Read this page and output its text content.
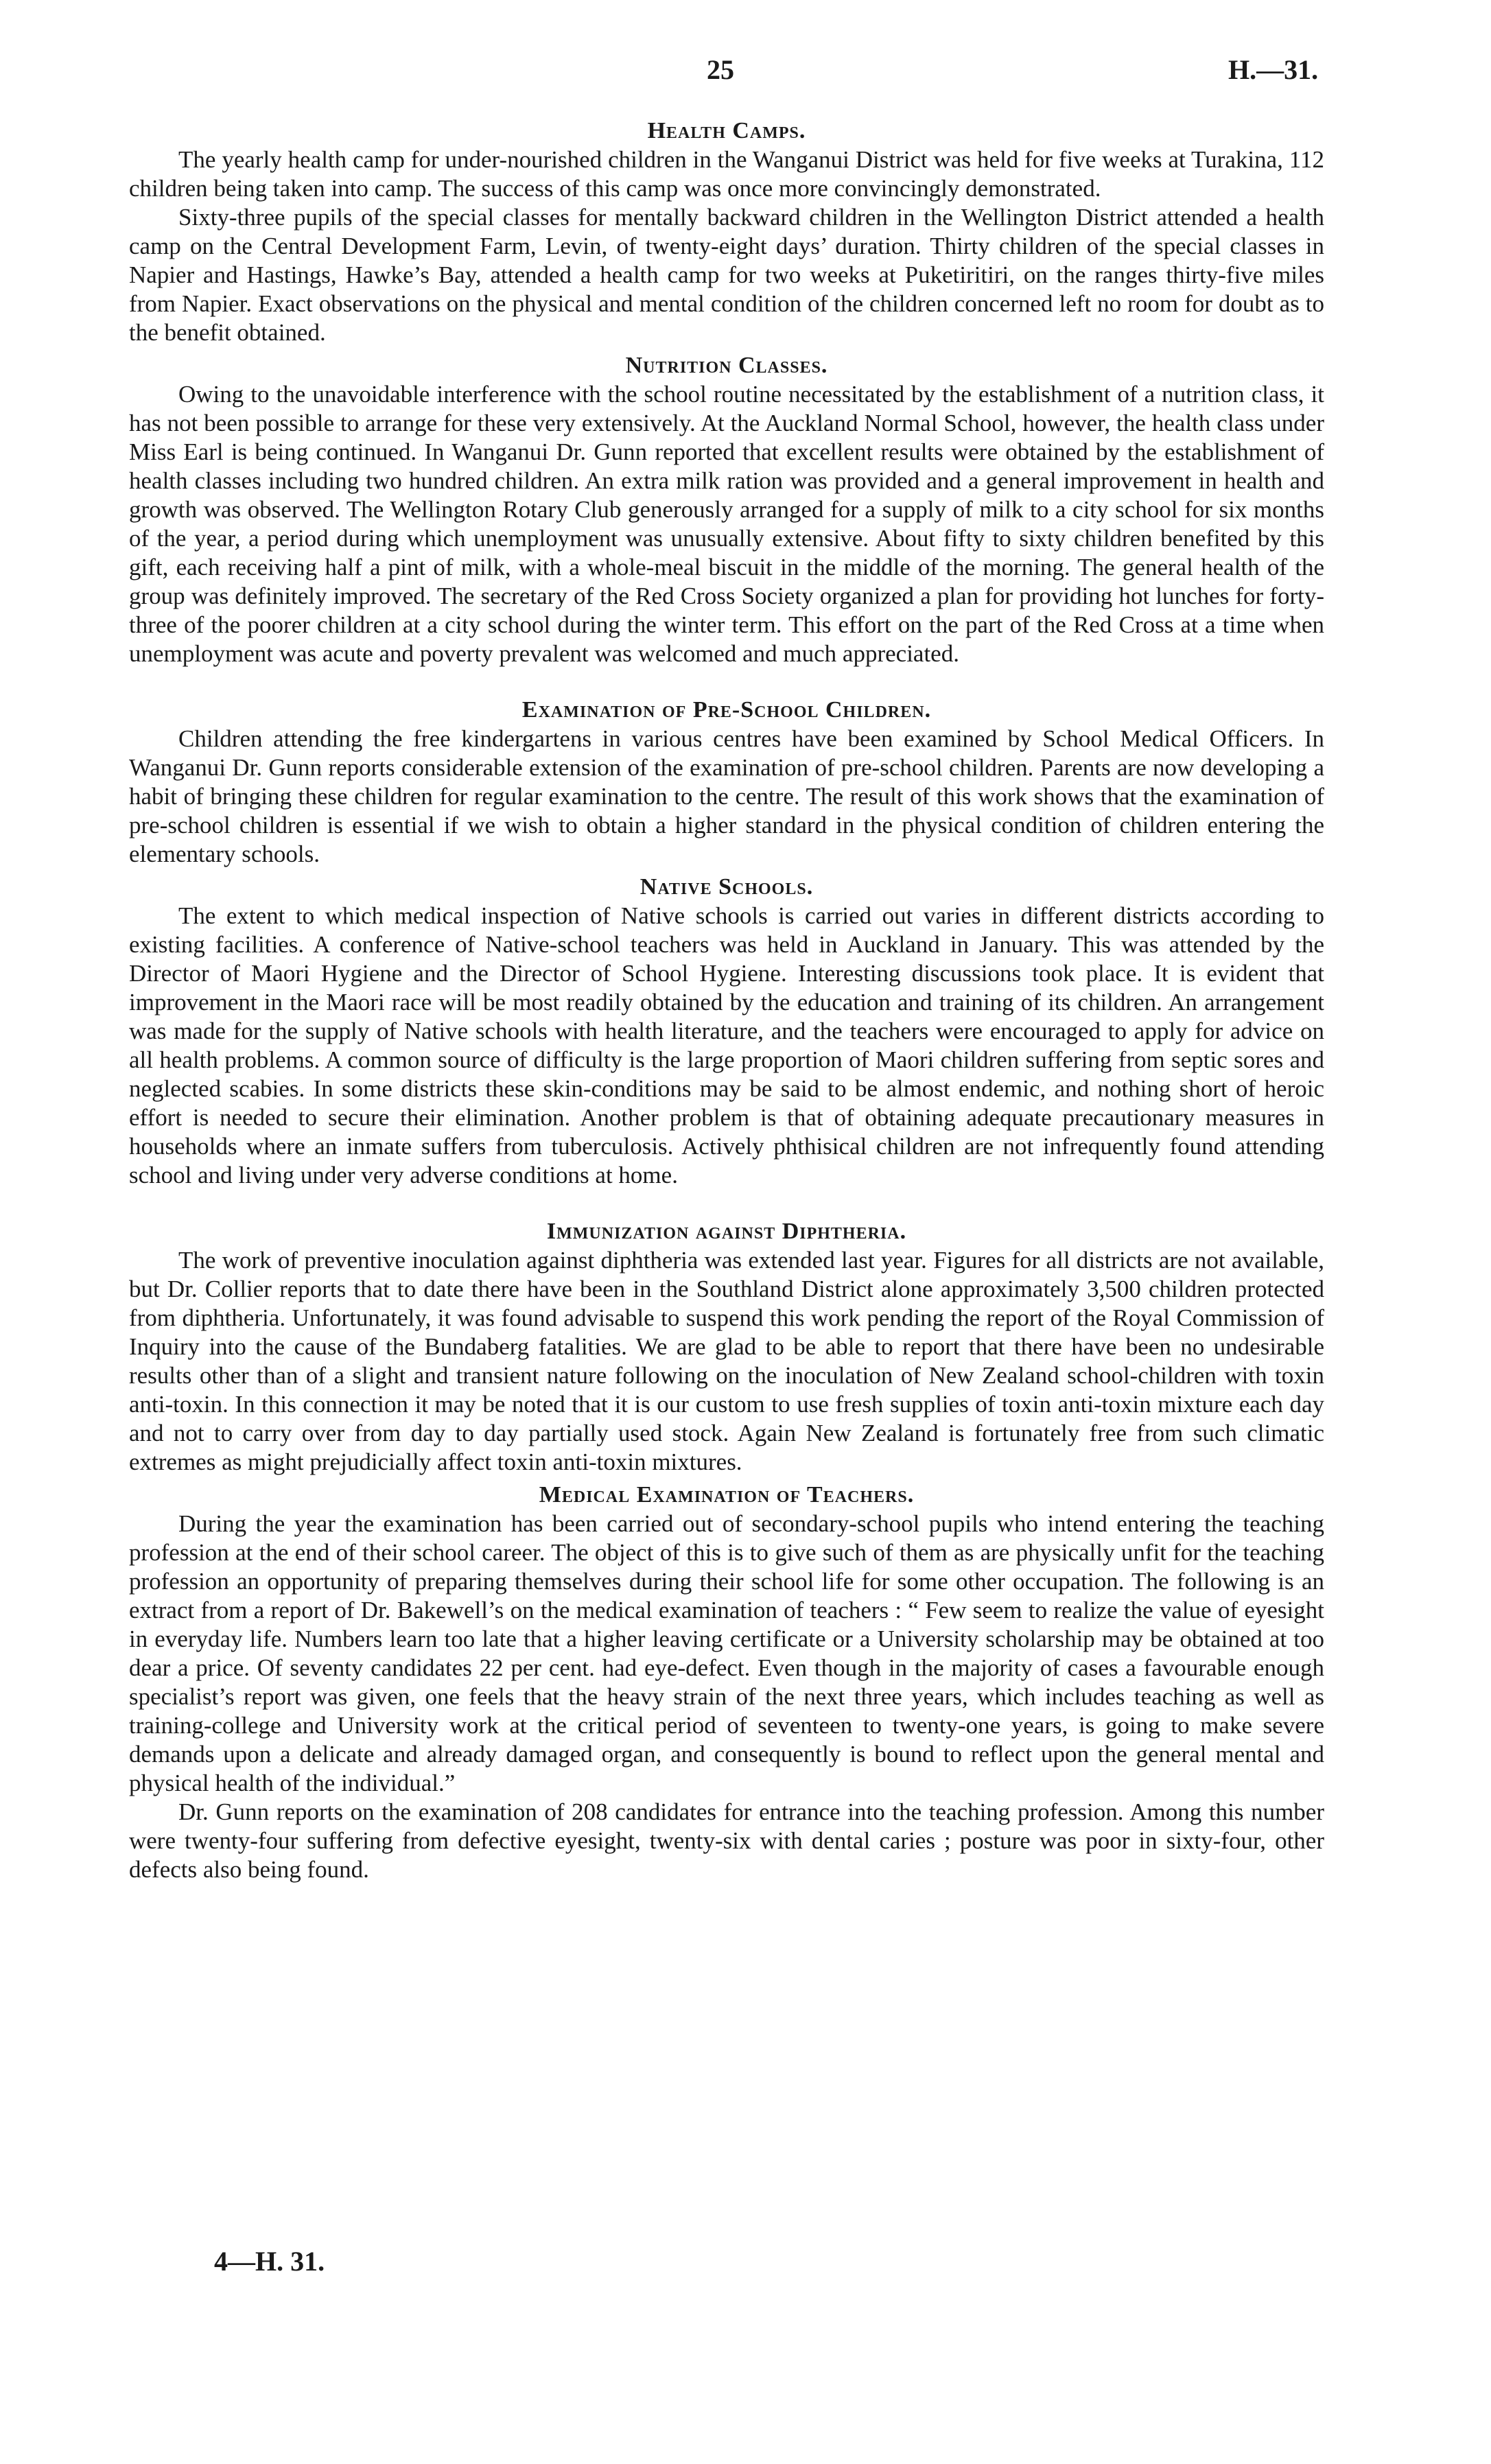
25	H.—31.
Health Camps.

The yearly health camp for under-nourished children in the Wanganui District was held for five weeks at Turakina, 112 children being taken into camp. The success of this camp was once more convincingly demonstrated.

Sixty-three pupils of the special classes for mentally backward children in the Wellington District attended a health camp on the Central Development Farm, Levin, of twenty-eight days’ duration. Thirty children of the special classes in Napier and Hastings, Hawke’s Bay, attended a health camp for two weeks at Puketiritiri, on the ranges thirty-five miles from Napier. Exact observations on the physical and mental condition of the children concerned left no room for doubt as to the benefit obtained.

Nutrition Classes.

Owing to the unavoidable interference with the school routine necessitated by the establishment of a nutrition class, it has not been possible to arrange for these very extensively. At the Auckland Normal School, however, the health class under Miss Earl is being continued. In Wanganui Dr. Gunn reported that excellent results were obtained by the establishment of health classes including two hundred children. An extra milk ration was provided and a general improvement in health and growth was observed. The Wellington Rotary Club generously arranged for a supply of milk to a city school for six months of the year, a period during which unemployment was unusually extensive. About fifty to sixty children benefited by this gift, each receiving half a pint of milk, with a whole-meal biscuit in the middle of the morning. The general health of the group was definitely improved. The secretary of the Red Cross Society organized a plan for providing hot lunches for forty-three of the poorer children at a city school during the winter term. This effort on the part of the Red Cross at a time when unemployment was acute and poverty prevalent was welcomed and much appreciated.

Examination of Pre-School Children.

Children attending the free kindergartens in various centres have been examined by School Medical Officers. In Wanganui Dr. Gunn reports considerable extension of the examination of pre-school children. Parents are now developing a habit of bringing these children for regular examination to the centre. The result of this work shows that the examination of pre-school children is essential if we wish to obtain a higher standard in the physical condition of children entering the elementary schools.

Native Schools.

The extent to which medical inspection of Native schools is carried out varies in different districts according to existing facilities. A conference of Native-school teachers was held in Auckland in January. This was attended by the Director of Maori Hygiene and the Director of School Hygiene. Interesting discussions took place. It is evident that improvement in the Maori race will be most readily obtained by the education and training of its children. An arrangement was made for the supply of Native schools with health literature, and the teachers were encouraged to apply for advice on all health problems. A common source of difficulty is the large proportion of Maori children suffering from septic sores and neglected scabies. In some districts these skin-conditions may be said to be almost endemic, and nothing short of heroic effort is needed to secure their elimination. Another problem is that of obtaining adequate precautionary measures in households where an inmate suffers from tuberculosis. Actively phthisical children are not infrequently found attending school and living under very adverse conditions at home.

Immunization against Diphtheria.

The work of preventive inoculation against diphtheria was extended last year. Figures for all districts are not available, but Dr. Collier reports that to date there have been in the Southland District alone approximately 3,500 children protected from diphtheria. Unfortunately, it was found advisable to suspend this work pending the report of the Royal Commission of Inquiry into the cause of the Bundaberg fatalities. We are glad to be able to report that there have been no undesirable results other than of a slight and transient nature following on the inoculation of New Zealand school-children with toxin anti-toxin. In this connection it may be noted that it is our custom to use fresh supplies of toxin anti-toxin mixture each day and not to carry over from day to day partially used stock. Again New Zealand is fortunately free from such climatic extremes as might prejudicially affect toxin anti-toxin mixtures.

Medical Examination of Teachers.

During the year the examination has been carried out of secondary-school pupils who intend entering the teaching profession at the end of their school career. The object of this is to give such of them as are physically unfit for the teaching profession an opportunity of preparing themselves during their school life for some other occupation. The following is an extract from a report of Dr. Bakewell’s on the medical examination of teachers : “ Few seem to realize the value of eyesight in everyday life. Numbers learn too late that a higher leaving certificate or a University scholarship may be obtained at too dear a price. Of seventy candidates 22 per cent. had eye-defect. Even though in the majority of cases a favourable enough specialist’s report was given, one feels that the heavy strain of the next three years, which includes teaching as well as training-college and University work at the critical period of seventeen to twenty-one years, is going to make severe demands upon a delicate and already damaged organ, and consequently is bound to reflect upon the general mental and physical health of the individual.”

Dr. Gunn reports on the examination of 208 candidates for entrance into the teaching profession. Among this number were twenty-four suffering from defective eyesight, twenty-six with dental caries ; posture was poor in sixty-four, other defects also being found.

4—H. 31.
